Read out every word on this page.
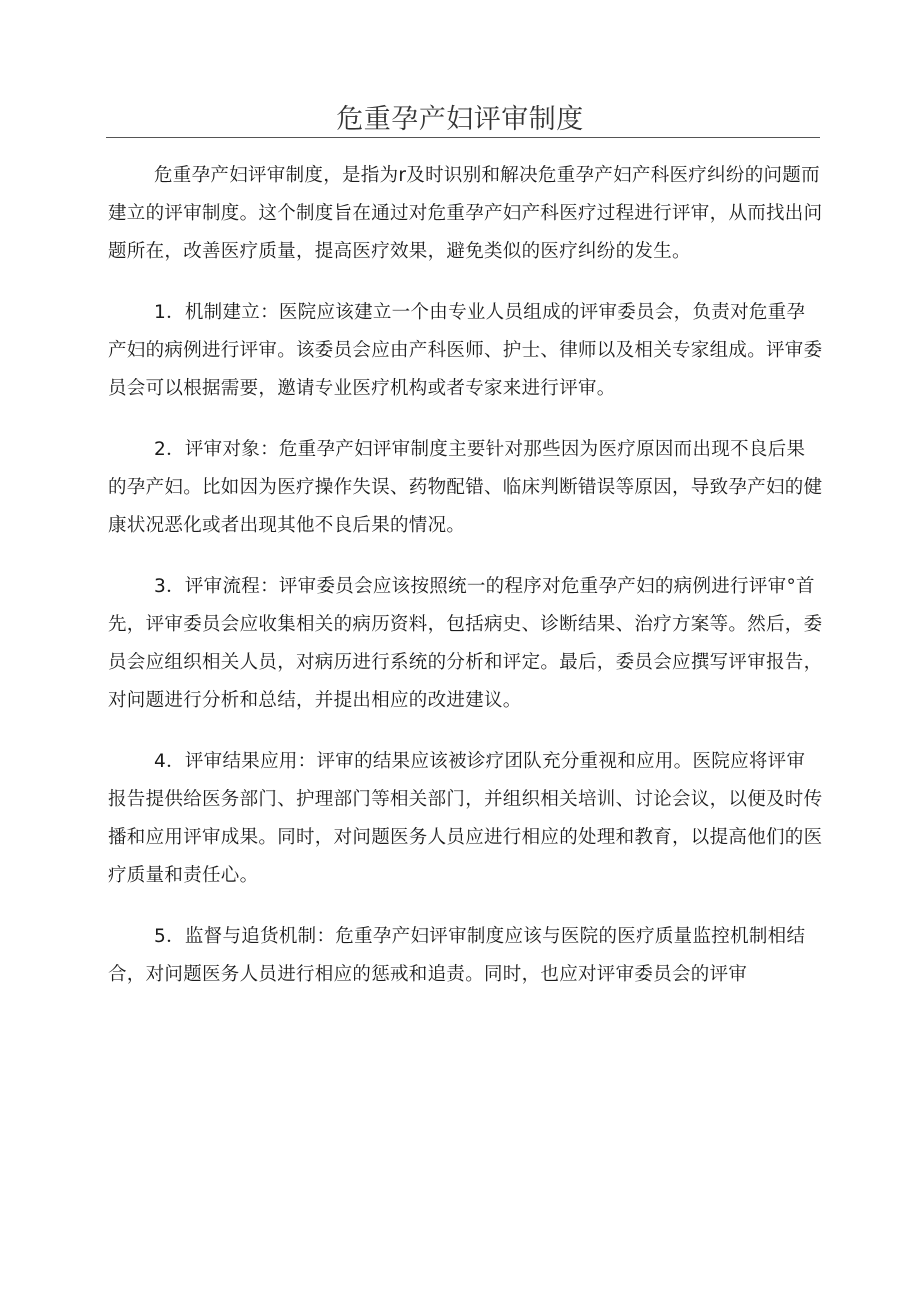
危重孕产妇评审制度

危重孕产妇评审制度，是指为r及时识别和解决危重孕产妇产科医疗纠纷的问题而建立的评审制度。这个制度旨在通过对危重孕产妇产科医疗过程进行评审，从而找出问题所在，改善医疗质量，提高医疗效果，避免类似的医疗纠纷的发生。

1．机制建立：医院应该建立一个由专业人员组成的评审委员会，负责对危重孕产妇的病例进行评审。该委员会应由产科医师、护士、律师以及相关专家组成。评审委员会可以根据需要，邀请专业医疗机构或者专家来进行评审。

2．评审对象：危重孕产妇评审制度主要针对那些因为医疗原因而出现不良后果的孕产妇。比如因为医疗操作失误、药物配错、临床判断错误等原因，导致孕产妇的健康状况恶化或者出现其他不良后果的情况。

3．评审流程：评审委员会应该按照统一的程序对危重孕产妇的病例进行评审°首先，评审委员会应收集相关的病历资料，包括病史、诊断结果、治疗方案等。然后，委员会应组织相关人员，对病历进行系统的分析和评定。最后，委员会应撰写评审报告，对问题进行分析和总结，并提出相应的改进建议。

4．评审结果应用：评审的结果应该被诊疗团队充分重视和应用。医院应将评审报告提供给医务部门、护理部门等相关部门，并组织相关培训、讨论会议，以便及时传播和应用评审成果。同时，对问题医务人员应进行相应的处理和教育，以提高他们的医疗质量和责任心。

5．监督与追货机制：危重孕产妇评审制度应该与医院的医疗质量监控机制相结合，对问题医务人员进行相应的惩戒和追责。同时，也应对评审委员会的评审
